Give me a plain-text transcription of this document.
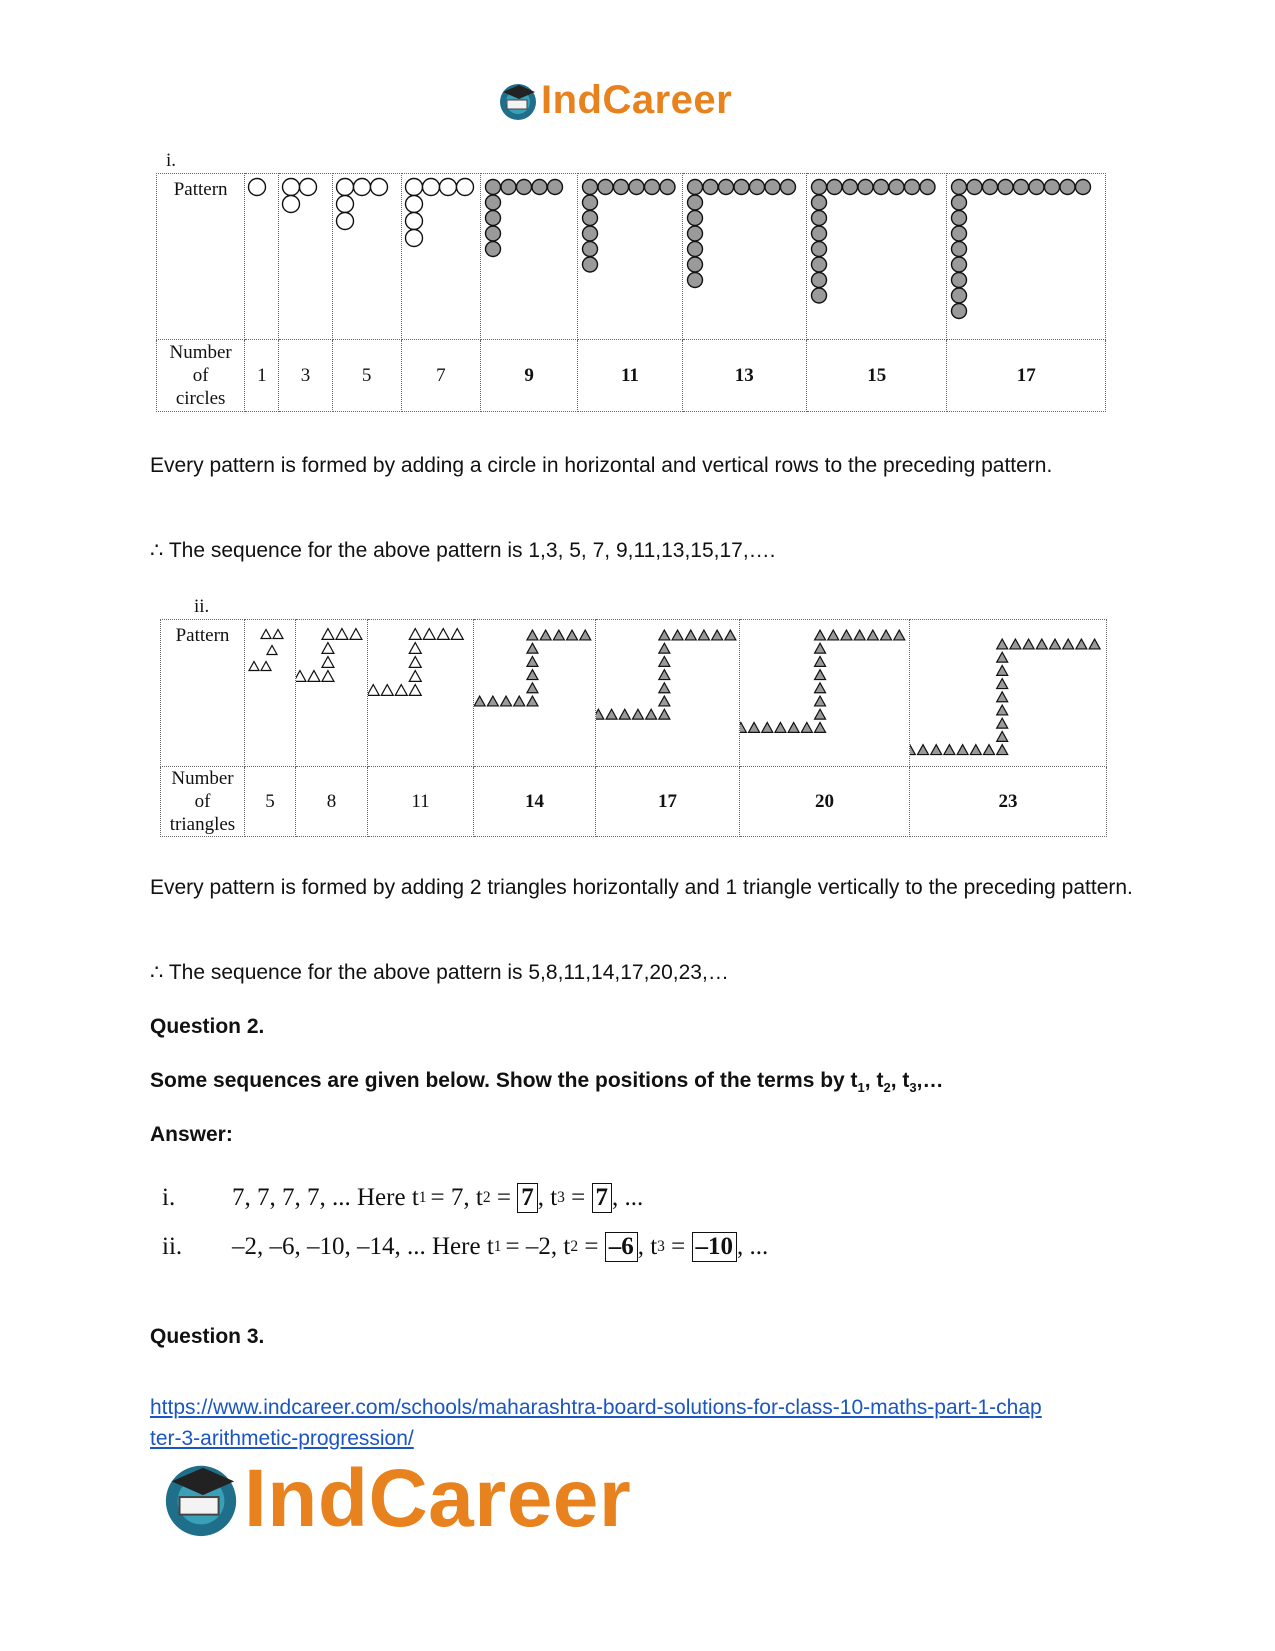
IndCareer
i.
Pattern	

Number
of
circles	1	3	5	7	9	11	13	15	17

Every pattern is formed by adding a circle in horizontal and vertical rows to the preceding pattern.

∴ The sequence for the above pattern is 1,3, 5, 7, 9,11,13,15,17,….

ii.
Pattern	

Number
of
triangles	5	8	11	14	17	20	23

Every pattern is formed by adding 2 triangles horizontally and 1 triangle vertically to the preceding pattern.

∴ The sequence for the above pattern is 5,8,11,14,17,20,23,…

Question 2.

Some sequences are given below. Show the positions of the terms by $t_1$, $t_2$, $t_3,\dots$

Answer:

i.	7, 7, 7, 7, ... Here t 1 = 7, t 2 = 7 , t 3 = 7 , ...
ii.	–2, –6, –10, –14, ... Here t 1 = –2, t 2 = –6 , t 3 = –10 , ...

Question 3.

https://www.indcareer.com/schools/maharashtra-board-solutions-for-class-10-maths-part-1-chap
ter-3-arithmetic-progression/

IndCareer
